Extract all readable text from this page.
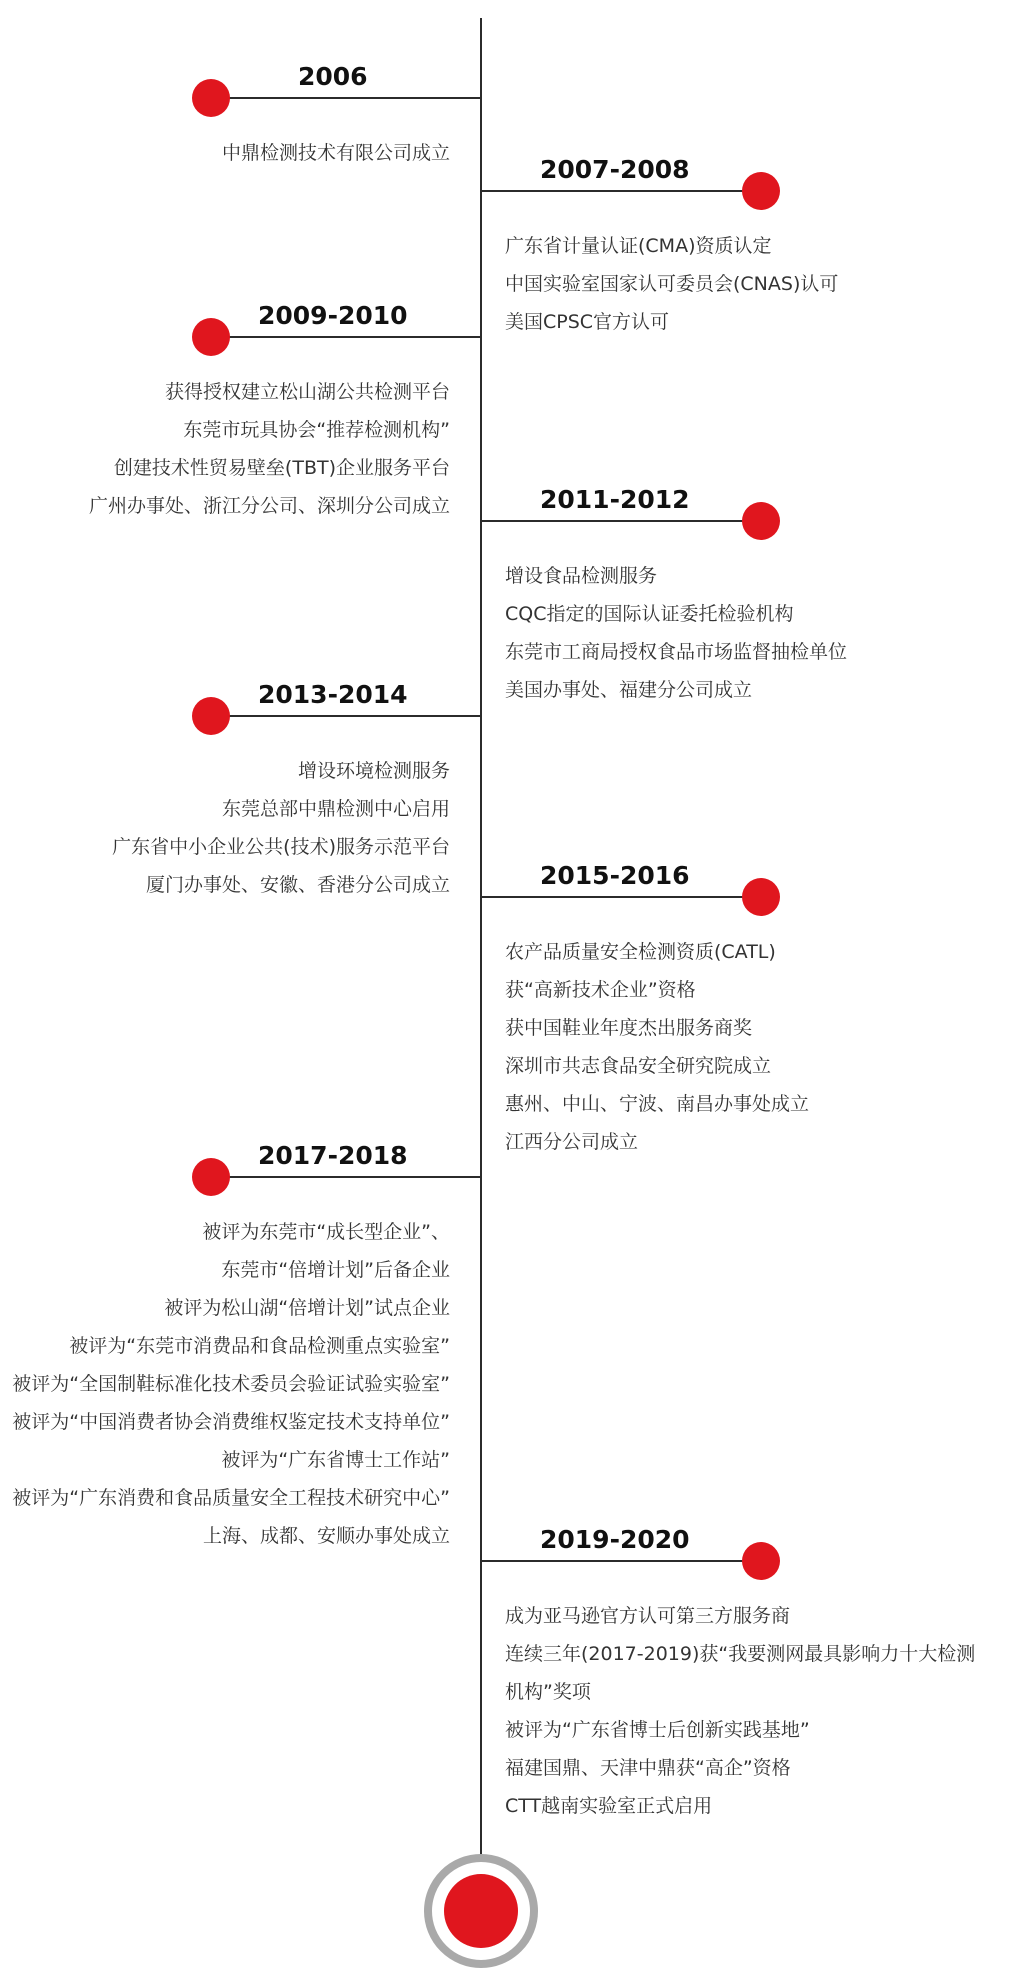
2006
中鼎检测技术有限公司成立
2007-2008
广东省计量认证(CMA)资质认定
中国实验室国家认可委员会(CNAS)认可
美国CPSC官方认可
2009-2010
获得授权建立松山湖公共检测平台
东莞市玩具协会“推荐检测机构”
创建技术性贸易壁垒(TBT)企业服务平台
广州办事处、浙江分公司、深圳分公司成立	2011-2012
增设食品检测服务
CQC指定的国际认证委托检验机构
东莞市工商局授权食品市场监督抽检单位
美国办事处、福建分公司成立
2013-2014
增设环境检测服务
东莞总部中鼎检测中心启用
广东省中小企业公共(技术)服务示范平台
厦门办事处、安徽、香港分公司成立	2015-2016
农产品质量安全检测资质(CATL)
获“高新技术企业”资格
获中国鞋业年度杰出服务商奖
深圳市共志食品安全研究院成立
惠州、中山、宁波、南昌办事处成立
江西分公司成立
2017-2018
被评为东莞市“成长型企业”、
东莞市“倍增计划”后备企业
被评为松山湖“倍增计划”试点企业
被评为“东莞市消费品和食品检测重点实验室”
被评为“全国制鞋标准化技术委员会验证试验实验室”
被评为“中国消费者协会消费维权鉴定技术支持单位”
被评为“广东省博士工作站”
被评为“广东消费和食品质量安全工程技术研究中心”
上海、成都、安顺办事处成立	2019-2020
成为亚马逊官方认可第三方服务商
连续三年(2017-2019)获“我要测网最具影响力十大检测
机构”奖项
被评为“广东省博士后创新实践基地”
福建国鼎、天津中鼎获“高企”资格
CTT越南实验室正式启用
